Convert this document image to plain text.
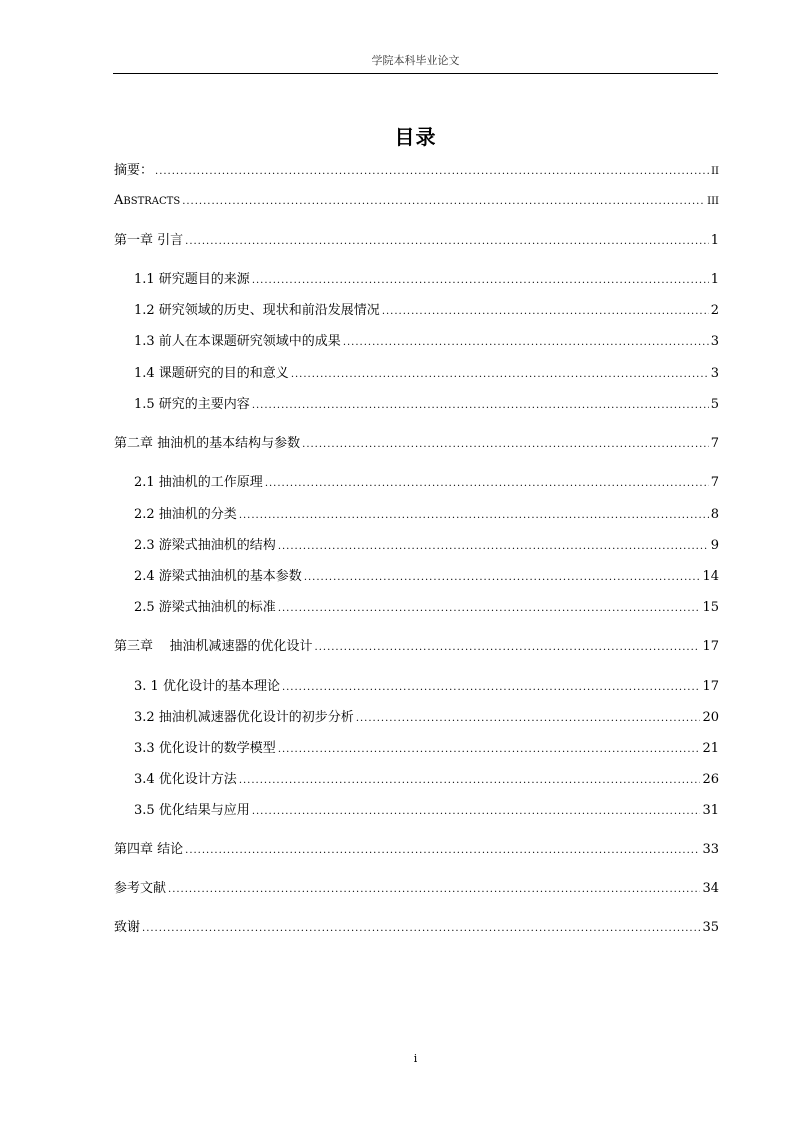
学院本科毕业论文
目录
摘要： .....	II
ABSTRACTS .....	III
第一章 引言 .....	1
1.1 研究题目的来源 .....	1
1.2 研究领域的历史、现状和前沿发展情况 .....	2
1.3 前人在本课题研究领域中的成果 .....	3
1.4 课题研究的目的和意义 .....	3
1.5 研究的主要内容 .....	5
第二章 抽油机的基本结构与参数 .....	7
2.1 抽油机的工作原理 .....	7
2.2 抽油机的分类 .....	8
2.3 游梁式抽油机的结构 .....	9
2.4 游梁式抽油机的基本参数 .....	14
2.5 游梁式抽油机的标准 .....	15
第三章    抽油机减速器的优化设计 .....	17
3. 1 优化设计的基本理论 .....	17
3.2 抽油机减速器优化设计的初步分析 .....	20
3.3 优化设计的数学模型 .....	21
3.4 优化设计方法 .....	26
3.5 优化结果与应用 .....	31
第四章 结论 .....	33
参考文献 .....	34
致谢 .....	35
i
